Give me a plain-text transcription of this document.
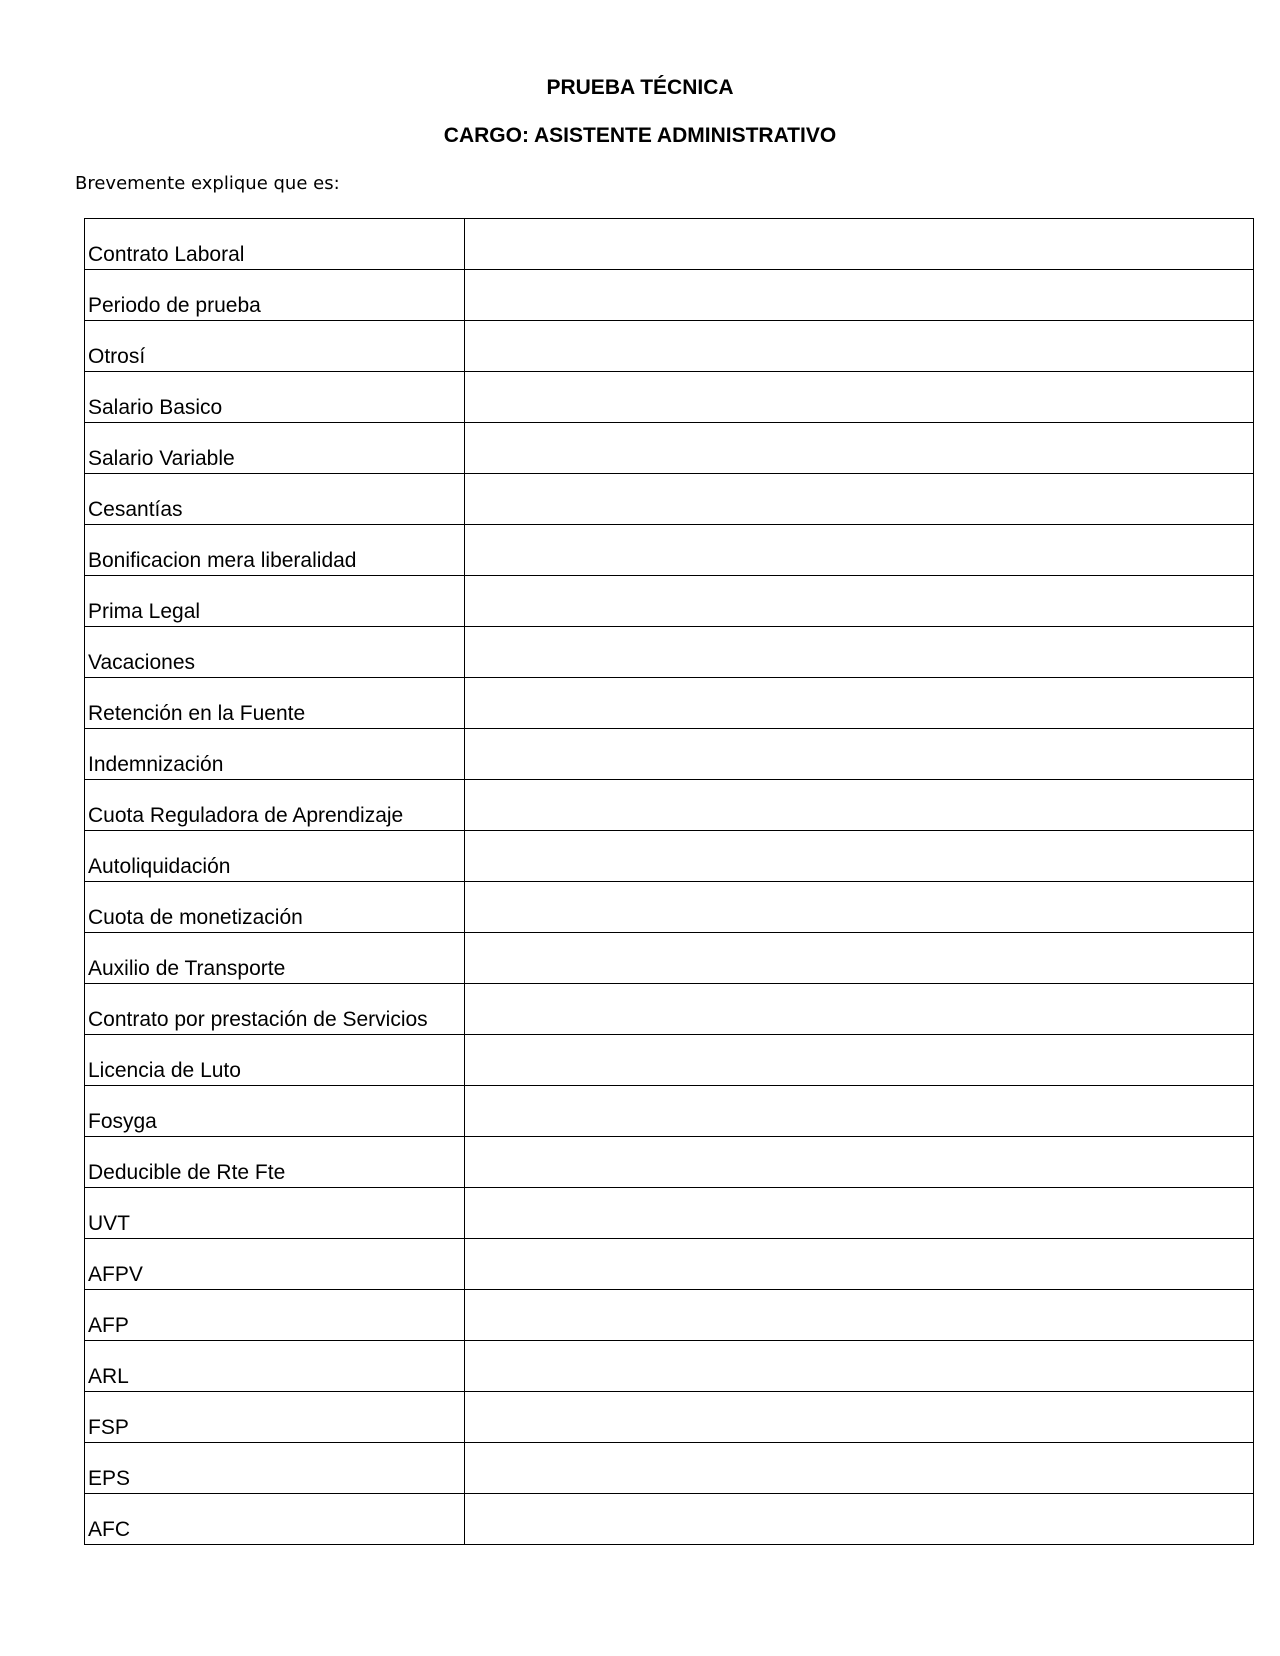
PRUEBA TÉCNICA
CARGO: ASISTENTE ADMINISTRATIVO
Brevemente explique que es:
Contrato Laboral	
Periodo de prueba	
Otrosí	
Salario Basico	
Salario Variable	
Cesantías	
Bonificacion mera liberalidad	
Prima Legal	
Vacaciones	
Retención en la Fuente	
Indemnización	
Cuota Reguladora de Aprendizaje	
Autoliquidación	
Cuota de monetización	
Auxilio de Transporte	
Contrato por prestación de Servicios	
Licencia de Luto	
Fosyga	
Deducible de Rte Fte	
UVT	
AFPV	
AFP	
ARL	
FSP	
EPS	
AFC	
